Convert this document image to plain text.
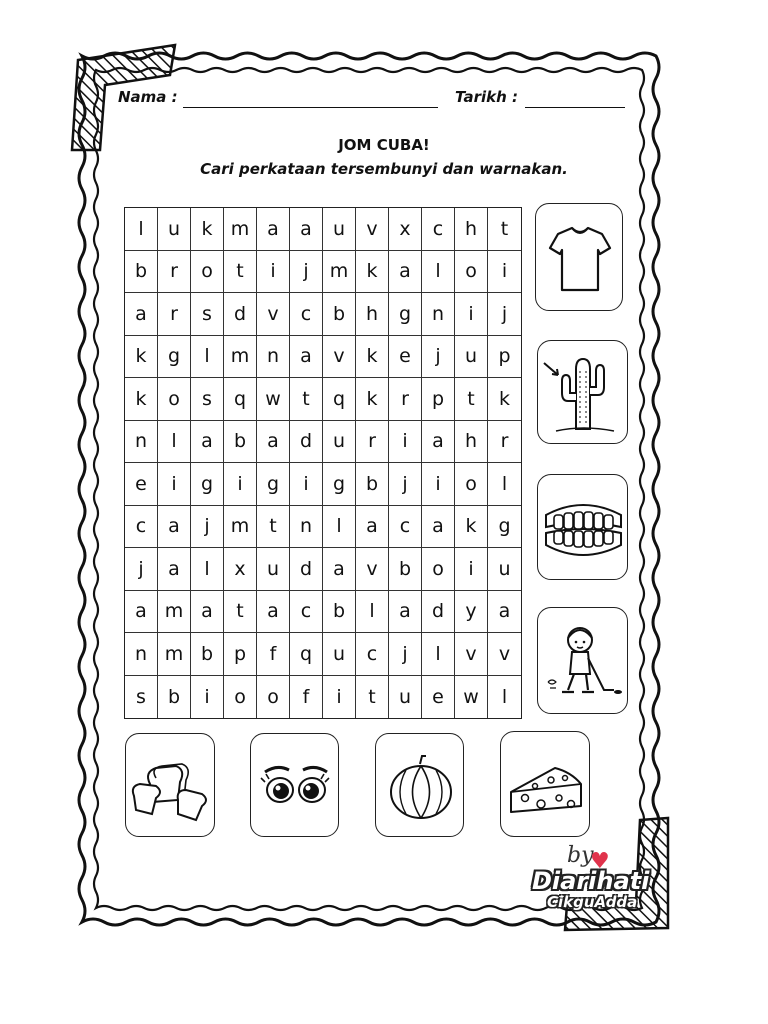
Nama :	Tarikh :
JOM CUBA!
Cari perkataan tersembunyi dan warnakan.
l	u	k m a	a	u	v	x	c	h	t
b	r	o	t	i	j	m k	a	l	o	i
a	r	s	d	v	c	b	h	g	n	i	j
k	g	l	m n	a	v	k	e	j	u	p
k	o	s	q	w	t	q	k	r	p	t	k
n	l	a	b	a	d	u	r	i	a	h	r
e	i	g	i	g	i	g	b	j	i	o	l
c	a	j	m	t	n	l	a	c	a	k	g
j	a	l	x	u	d	a	v	b	o	i	u
a m a	t	a	c	b	l	a	d	y	a
n m b	p	f	q	u	c	j	l	v	v
s	b	i	o	o	f	i	t	u	e	w	l
by
♥
Diarihati
CikguAdda
